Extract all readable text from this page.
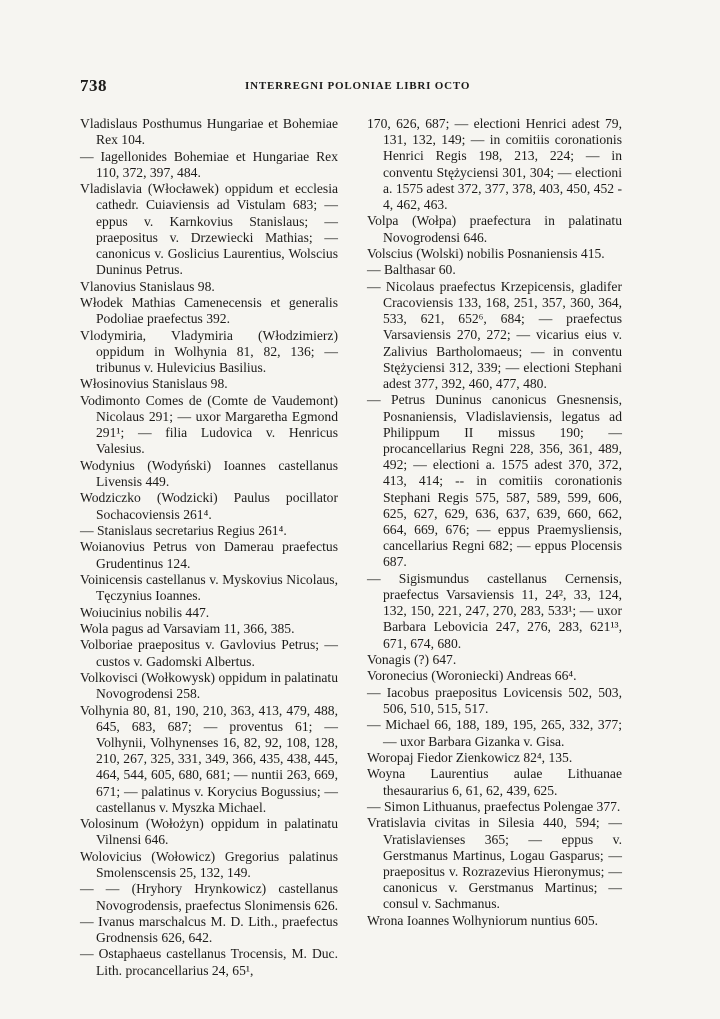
738	INTERREGNI POLONIAE LIBRI OCTO

Vladislaus Posthumus Hungariae et Bohemiae Rex 104.

— Iagellonides Bohemiae et Hungariae Rex 110, 372, 397, 484.

Vladislavia (Włocławek) oppidum et ecclesia cathedr. Cuiaviensis ad Vistulam 683; — eppus v. Karnkovius Stanislaus; — praepositus v. Drzewiecki Mathias; — canonicus v. Goslicius Laurentius, Wolscius Duninus Petrus.

Vlanovius Stanislaus 98.

Włodek Mathias Camenecensis et generalis Podoliae praefectus 392.

Vlodymiria, Vladymiria (Włodzimierz) oppidum in Wolhynia 81, 82, 136; — tribunus v. Hulevicius Basilius.

Włosinovius Stanislaus 98.

Vodimonto Comes de (Comte de Vaudemont) Nicolaus 291; — uxor Margaretha Egmond 291¹; — filia Ludovica v. Henricus Valesius.

Wodynius (Wodyński) Ioannes castellanus Livensis 449.

Wodziczko (Wodzicki) Paulus pocillator Sochacoviensis 261⁴.

— Stanislaus secretarius Regius 261⁴.

Woianovius Petrus von Damerau praefectus Grudentinus 124.

Voinicensis castellanus v. Myskovius Nicolaus, Tęczynius Ioannes.

Woiucinius nobilis 447.

Wola pagus ad Varsaviam 11, 366, 385.

Volboriae praepositus v. Gavlovius Petrus; — custos v. Gadomski Albertus.

Volkovisci (Wołkowysk) oppidum in palatinatu Novogrodensi 258.

Volhynia 80, 81, 190, 210, 363, 413, 479, 488, 645, 683, 687; — proventus 61; — Volhynii, Volhynenses 16, 82, 92, 108, 128, 210, 267, 325, 331, 349, 366, 435, 438, 445, 464, 544, 605, 680, 681; — nuntii 263, 669, 671; — palatinus v. Korycius Bogussius; — castellanus v. Myszka Michael.

Volosinum (Wołożyn) oppidum in palatinatu Vilnensi 646.

Wolovicius (Wołowicz) Gregorius palatinus Smolenscensis 25, 132, 149.

— — (Hryhory Hrynkowicz) castellanus Novogrodensis, praefectus Slonimensis 626.

— Ivanus marschalcus M. D. Lith., praefectus Grodnensis 626, 642.

— Ostaphaeus castellanus Trocensis, M. Duc. Lith. procancellarius 24, 65¹,

170, 626, 687; — electioni Henrici adest 79, 131, 132, 149; — in comitiis coronationis Henrici Regis 198, 213, 224; — in conventu Stężyciensi 301, 304; — electioni a. 1575 adest 372, 377, 378, 403, 450, 452 - 4, 462, 463.

Volpa (Wołpa) praefectura in palatinatu Novogrodensi 646.

Volscius (Wolski) nobilis Posnaniensis 415.

— Balthasar 60.

— Nicolaus praefectus Krzepicensis, gladifer Cracoviensis 133, 168, 251, 357, 360, 364, 533, 621, 652⁶, 684; — praefectus Varsaviensis 270, 272; — vicarius eius v. Zalivius Bartholomaeus; — in conventu Stężyciensi 312, 339; — electioni Stephani adest 377, 392, 460, 477, 480.

— Petrus Duninus canonicus Gnesnensis, Posnaniensis, Vladislaviensis, legatus ad Philippum II missus 190; — procancellarius Regni 228, 356, 361, 489, 492; — electioni a. 1575 adest 370, 372, 413, 414; -- in comitiis coronationis Stephani Regis 575, 587, 589, 599, 606, 625, 627, 629, 636, 637, 639, 660, 662, 664, 669, 676; — eppus Praemysliensis, cancellarius Regni 682; — eppus Plocensis 687.

— Sigismundus castellanus Cernensis, praefectus Varsaviensis 11, 24², 33, 124, 132, 150, 221, 247, 270, 283, 533¹; — uxor Barbara Lebovicia 247, 276, 283, 621¹³, 671, 674, 680.

Vonagis (?) 647.

Voronecius (Woroniecki) Andreas 66⁴.

— Iacobus praepositus Lovicensis 502, 503, 506, 510, 515, 517.

— Michael 66, 188, 189, 195, 265, 332, 377; — uxor Barbara Gizanka v. Gisa.

Woropaj Fiedor Zienkowicz 82⁴, 135.

Woyna Laurentius aulae Lithuanae thesaurarius 6, 61, 62, 439, 625.

— Simon Lithuanus, praefectus Polengae 377.

Vratislavia civitas in Silesia 440, 594; — Vratislavienses 365; — eppus v. Gerstmanus Martinus, Logau Gasparus; — praepositus v. Rozrazevius Hieronymus; — canonicus v. Gerstmanus Martinus; — consul v. Sachmanus.

Wrona Ioannes Wolhyniorum nuntius 605.
